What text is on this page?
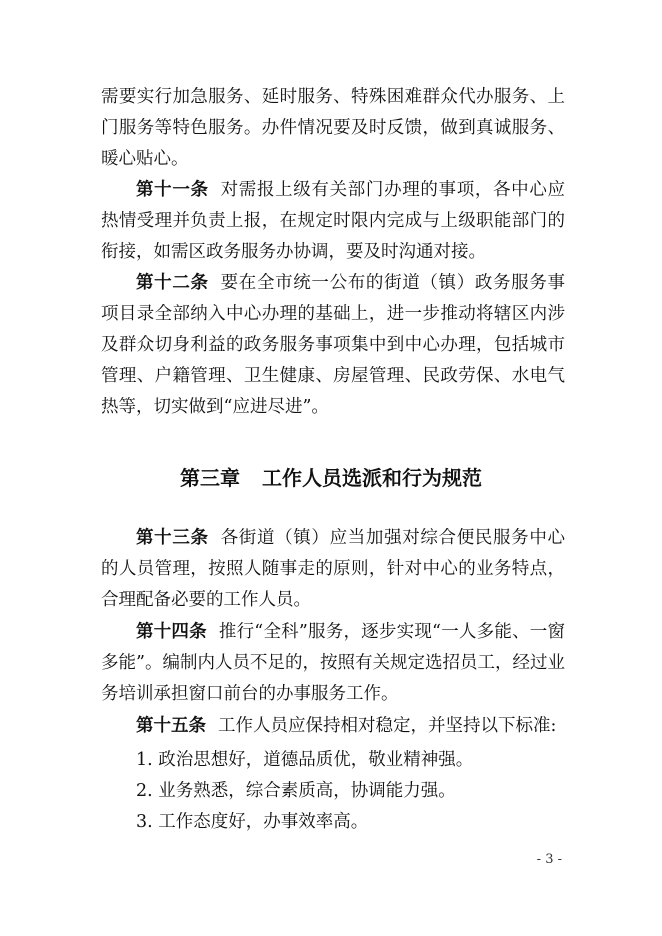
需要实行加急服务、延时服务、特殊困难群众代办服务、上门服务等特色服务。办件情况要及时反馈，做到真诚服务、暖心贴心。

第十一条 对需报上级有关部门办理的事项，各中心应热情受理并负责上报，在规定时限内完成与上级职能部门的衔接，如需区政务服务办协调，要及时沟通对接。

第十二条 要在全市统一公布的街道（镇）政务服务事项目录全部纳入中心办理的基础上，进一步推动将辖区内涉及群众切身利益的政务服务事项集中到中心办理，包括城市管理、户籍管理、卫生健康、房屋管理、民政劳保、水电气热等，切实做到“应进尽进”。

第三章 工作人员选派和行为规范

第十三条 各街道（镇）应当加强对综合便民服务中心的人员管理，按照人随事走的原则，针对中心的业务特点，合理配备必要的工作人员。

第十四条 推行“全科”服务，逐步实现“一人多能、一窗多能”。编制内人员不足的，按照有关规定选招员工，经过业务培训承担窗口前台的办事服务工作。

第十五条 工作人员应保持相对稳定，并坚持以下标准:

1. 政治思想好，道德品质优，敬业精神强。

2. 业务熟悉，综合素质高，协调能力强。

3. 工作态度好，办事效率高。

- 3 -
